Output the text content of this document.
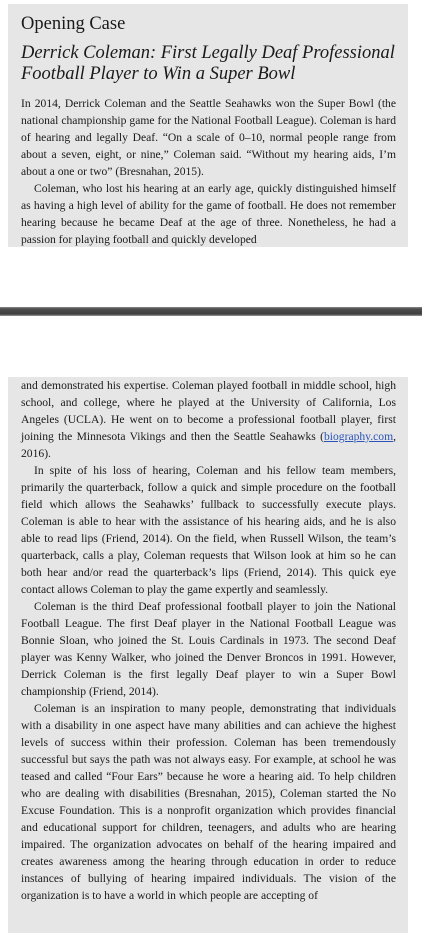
Opening Case
Derrick Coleman: First Legally Deaf Professional Football Player to Win a Super Bowl

In 2014, Derrick Coleman and the Seattle Seahawks won the Super Bowl (the national championship game for the National Football League). Coleman is hard of hearing and legally Deaf. “On a scale of 0–10, normal people range from about a seven, eight, or nine,” Coleman said. “Without my hearing aids, I’m about a one or two” (Bresnahan, 2015).

Coleman, who lost his hearing at an early age, quickly distinguished himself as having a high level of ability for the game of football. He does not remember hearing because he became Deaf at the age of three. Nonetheless, he had a passion for playing football and quickly developed

and demonstrated his expertise. Coleman played football in middle school, high school, and college, where he played at the University of California, Los Angeles (UCLA). He went on to become a professional football player, first joining the Minnesota Vikings and then the Seattle Seahawks (biography.com, 2016).

In spite of his loss of hearing, Coleman and his fellow team members, primarily the quarterback, follow a quick and simple procedure on the football field which allows the Seahawks’ fullback to successfully execute plays. Coleman is able to hear with the assistance of his hearing aids, and he is also able to read lips (Friend, 2014). On the field, when Russell Wilson, the team’s quarterback, calls a play, Coleman requests that Wilson look at him so he can both hear and/or read the quarterback’s lips (Friend, 2014). This quick eye contact allows Coleman to play the game expertly and seamlessly.

Coleman is the third Deaf professional football player to join the National Football League. The first Deaf player in the National Football League was Bonnie Sloan, who joined the St. Louis Cardinals in 1973. The second Deaf player was Kenny Walker, who joined the Denver Broncos in 1991. However, Derrick Coleman is the first legally Deaf player to win a Super Bowl championship (Friend, 2014).

Coleman is an inspiration to many people, demonstrating that individuals with a disability in one aspect have many abilities and can achieve the highest levels of success within their profession. Coleman has been tremendously successful but says the path was not always easy. For example, at school he was teased and called “Four Ears” because he wore a hearing aid. To help children who are dealing with disabilities (Bresnahan, 2015), Coleman started the No Excuse Foundation. This is a nonprofit organization which provides financial and educational support for children, teenagers, and adults who are hearing impaired. The organization advocates on behalf of the hearing impaired and creates awareness among the hearing through education in order to reduce instances of bullying of hearing impaired individuals. The vision of the organization is to have a world in which people are accepting of
